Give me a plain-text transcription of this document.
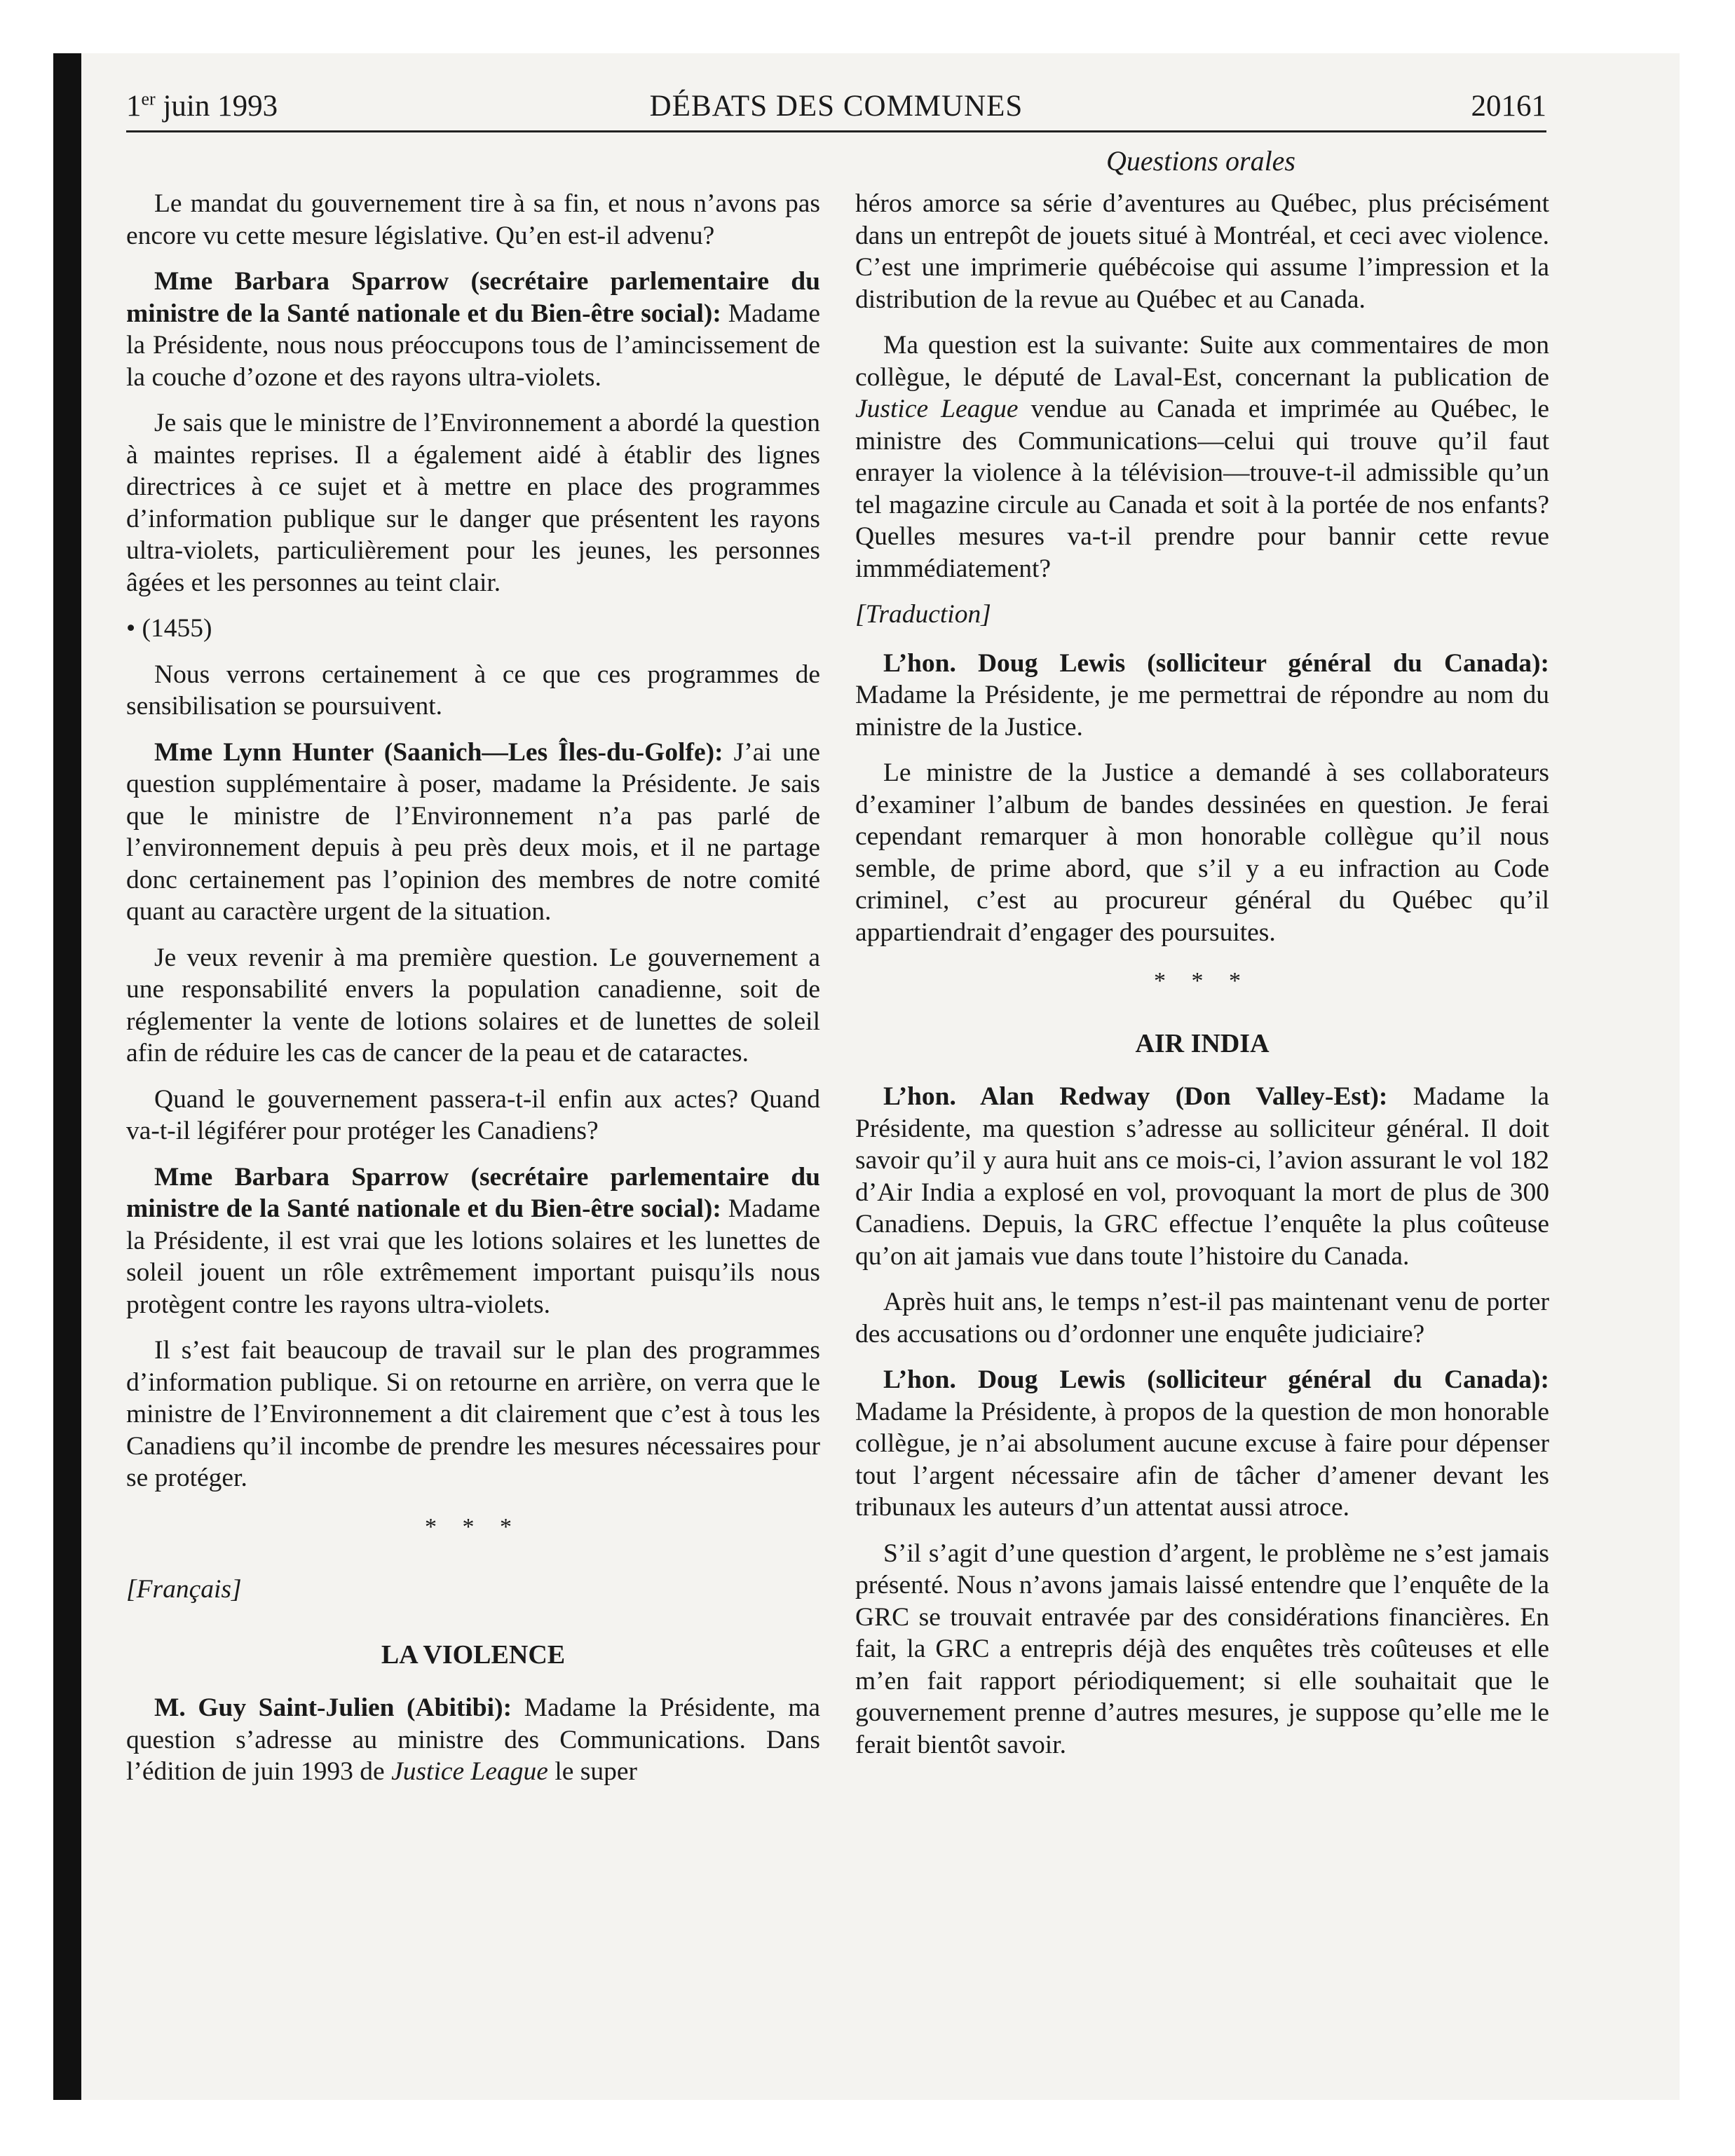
1er juin 1993	DÉBATS DES COMMUNES	20161
Questions orales

Le mandat du gouvernement tire à sa fin, et nous n’avons pas encore vu cette mesure législative. Qu’en est-il advenu?

Mme Barbara Sparrow (secrétaire parlementaire du ministre de la Santé nationale et du Bien-être social): Madame la Présidente, nous nous préoccupons tous de l’amincissement de la couche d’ozone et des rayons ultra-violets.

Je sais que le ministre de l’Environnement a abordé la question à maintes reprises. Il a également aidé à établir des lignes directrices à ce sujet et à mettre en place des programmes d’information publique sur le danger que présentent les rayons ultra-violets, particulièrement pour les jeunes, les personnes âgées et les personnes au teint clair.

• (1455)

Nous verrons certainement à ce que ces programmes de sensibilisation se poursuivent.

Mme Lynn Hunter (Saanich—Les Îles-du-Golfe): J’ai une question supplémentaire à poser, madame la Présidente. Je sais que le ministre de l’Environnement n’a pas parlé de l’environnement depuis à peu près deux mois, et il ne partage donc certainement pas l’opinion des membres de notre comité quant au caractère urgent de la situation.

Je veux revenir à ma première question. Le gouvernement a une responsabilité envers la population canadienne, soit de réglementer la vente de lotions solaires et de lunettes de soleil afin de réduire les cas de cancer de la peau et de cataractes.

Quand le gouvernement passera-t-il enfin aux actes? Quand va-t-il légiférer pour protéger les Canadiens?

Mme Barbara Sparrow (secrétaire parlementaire du ministre de la Santé nationale et du Bien-être social): Madame la Présidente, il est vrai que les lotions solaires et les lunettes de soleil jouent un rôle extrêmement important puisqu’ils nous protègent contre les rayons ultra-violets.

Il s’est fait beaucoup de travail sur le plan des programmes d’information publique. Si on retourne en arrière, on verra que le ministre de l’Environnement a dit clairement que c’est à tous les Canadiens qu’il incombe de prendre les mesures nécessaires pour se protéger.

* * *
[Français]
LA VIOLENCE

M. Guy Saint-Julien (Abitibi): Madame la Présidente, ma question s’adresse au ministre des Communications. Dans l’édition de juin 1993 de Justice League le super

héros amorce sa série d’aventures au Québec, plus précisément dans un entrepôt de jouets situé à Montréal, et ceci avec violence. C’est une imprimerie québécoise qui assume l’impression et la distribution de la revue au Québec et au Canada.

Ma question est la suivante: Suite aux commentaires de mon collègue, le député de Laval-Est, concernant la publication de Justice League vendue au Canada et imprimée au Québec, le ministre des Communications—celui qui trouve qu’il faut enrayer la violence à la télévision—trouve-t-il admissible qu’un tel magazine circule au Canada et soit à la portée de nos enfants? Quelles mesures va-t-il prendre pour bannir cette revue immmédiatement?

[Traduction]

L’hon. Doug Lewis (solliciteur général du Canada): Madame la Présidente, je me permettrai de répondre au nom du ministre de la Justice.

Le ministre de la Justice a demandé à ses collaborateurs d’examiner l’album de bandes dessinées en question. Je ferai cependant remarquer à mon honorable collègue qu’il nous semble, de prime abord, que s’il y a eu infraction au Code criminel, c’est au procureur général du Québec qu’il appartiendrait d’engager des poursuites.

* * *
AIR INDIA

L’hon. Alan Redway (Don Valley-Est): Madame la Présidente, ma question s’adresse au solliciteur général. Il doit savoir qu’il y aura huit ans ce mois-ci, l’avion assurant le vol 182 d’Air India a explosé en vol, provoquant la mort de plus de 300 Canadiens. Depuis, la GRC effectue l’enquête la plus coûteuse qu’on ait jamais vue dans toute l’histoire du Canada.

Après huit ans, le temps n’est-il pas maintenant venu de porter des accusations ou d’ordonner une enquête judiciaire?

L’hon. Doug Lewis (solliciteur général du Canada): Madame la Présidente, à propos de la question de mon honorable collègue, je n’ai absolument aucune excuse à faire pour dépenser tout l’argent nécessaire afin de tâcher d’amener devant les tribunaux les auteurs d’un attentat aussi atroce.

S’il s’agit d’une question d’argent, le problème ne s’est jamais présenté. Nous n’avons jamais laissé entendre que l’enquête de la GRC se trouvait entravée par des considérations financières. En fait, la GRC a entrepris déjà des enquêtes très coûteuses et elle m’en fait rapport périodiquement; si elle souhaitait que le gouvernement prenne d’autres mesures, je suppose qu’elle me le ferait bientôt savoir.
